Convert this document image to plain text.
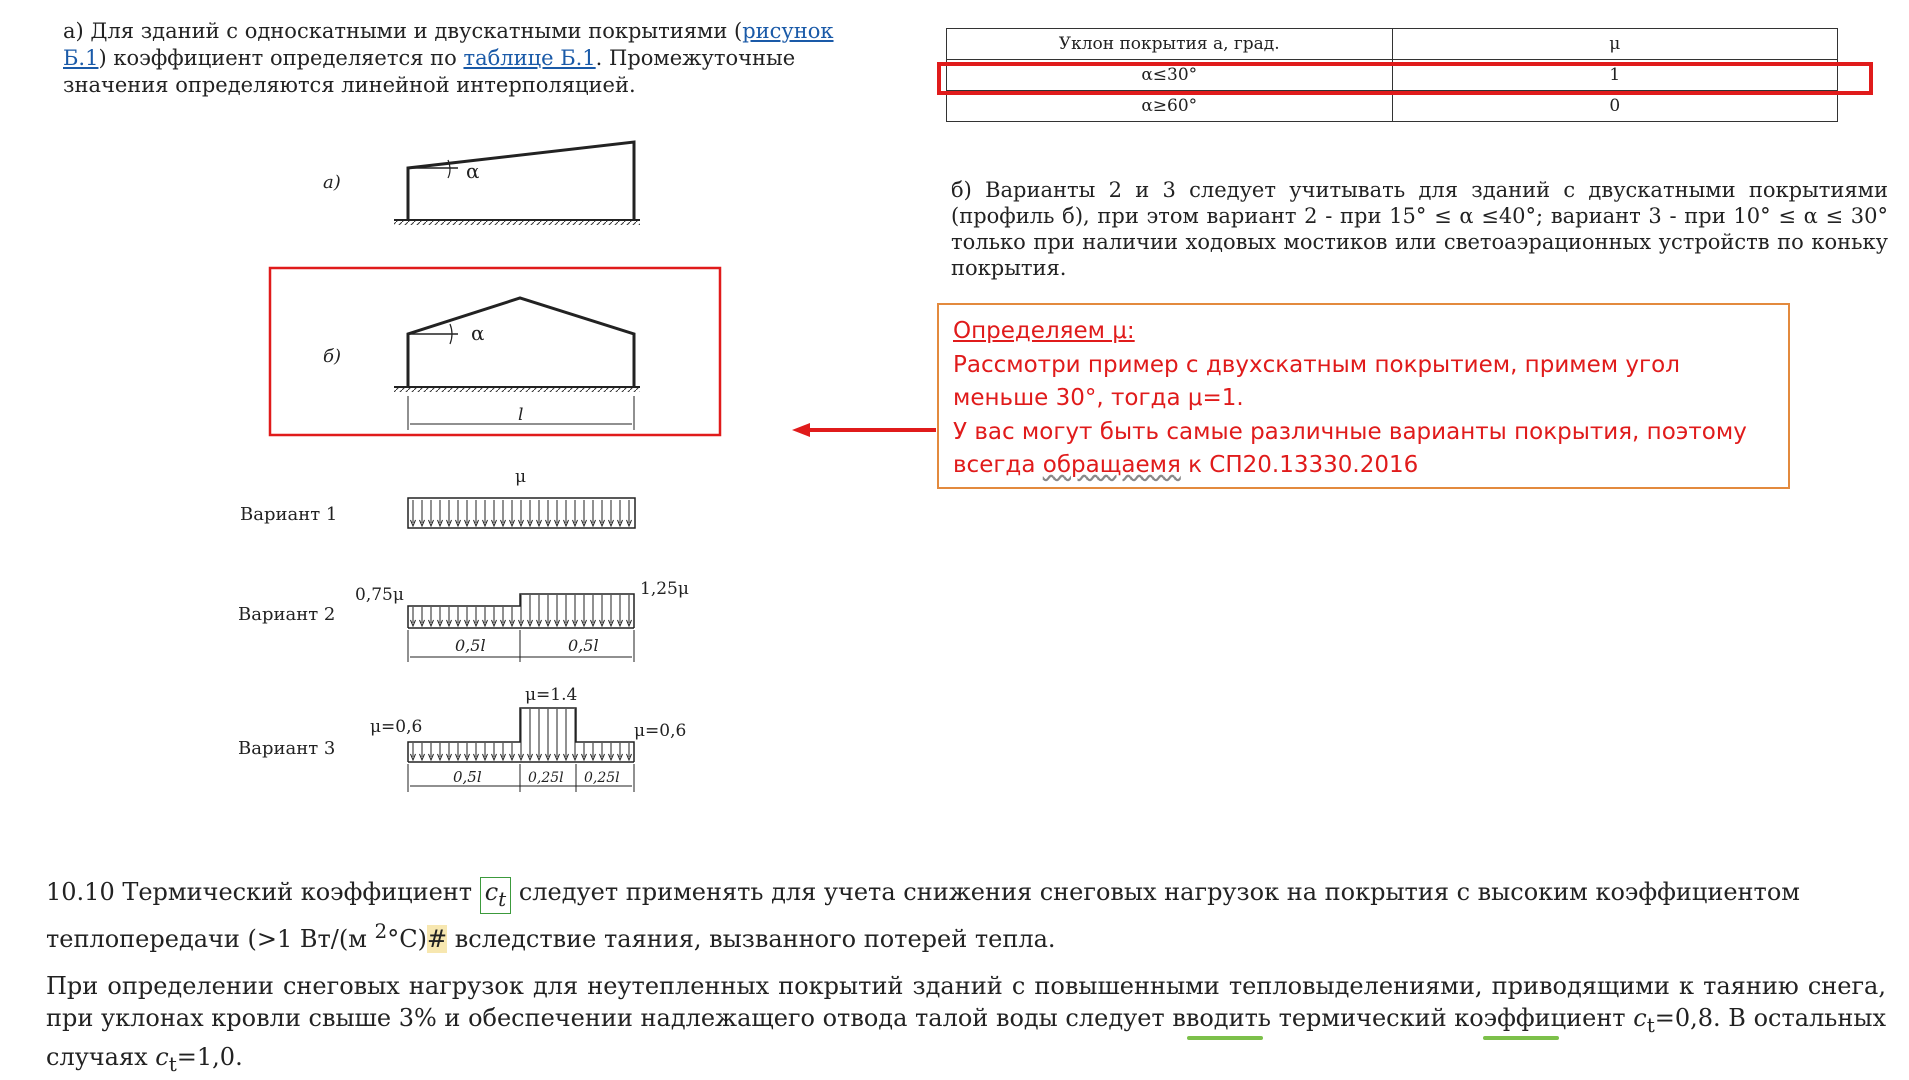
а) Для зданий с односкатными и двускатными покрытиями (рисунок Б.1) коэффициент определяется по таблице Б.1. Промежуточные значения определяются линейной интерполяцией.
Уклон покрытия a, град.	μ
α≤30°	1
α≥60°	0
б) Варианты 2 и 3 следует учитывать для зданий с двускатными покрытиями (профиль б), при этом вариант 2 - при 15° ≤ α ≤40°; вариант 3 - при 10° ≤ α ≤ 30° только при наличии ходовых мостиков или светоаэрационных устройств по коньку покрытия.
Определяем μ:
Рассмотри пример с двухскатным покрытием, примем угол меньше 30°, тогда μ=1.
У вас могут быть самые различные варианты покрытия, поэтому всегда обращаемя к СП20.13330.2016
а)	α
б)
α
l
μ
Вариант 1
0,75μ	1,25μ
Вариант 2
0,5l	0,5l
μ=1.4
μ=0,6	μ=0,6
Вариант 3
0,5l	0,25l 0,25l
10.10 Термический коэффициент $c_t$ следует применять для учета снижения снеговых нагрузок на покрытия с высоким коэффициентом теплопередачи (>1 Вт/(м $^2$°С)# вследствие таяния, вызванного потерей тепла.
При определении снеговых нагрузок для неутепленных покрытий зданий с повышенными тепловыделениями, приводящими к таянию снега, при уклонах кровли свыше 3% и обеспечении надлежащего отвода талой воды следует вводить термический коэффициент $c_t=0,8$. В остальных случаях $c_t=1,0$.
